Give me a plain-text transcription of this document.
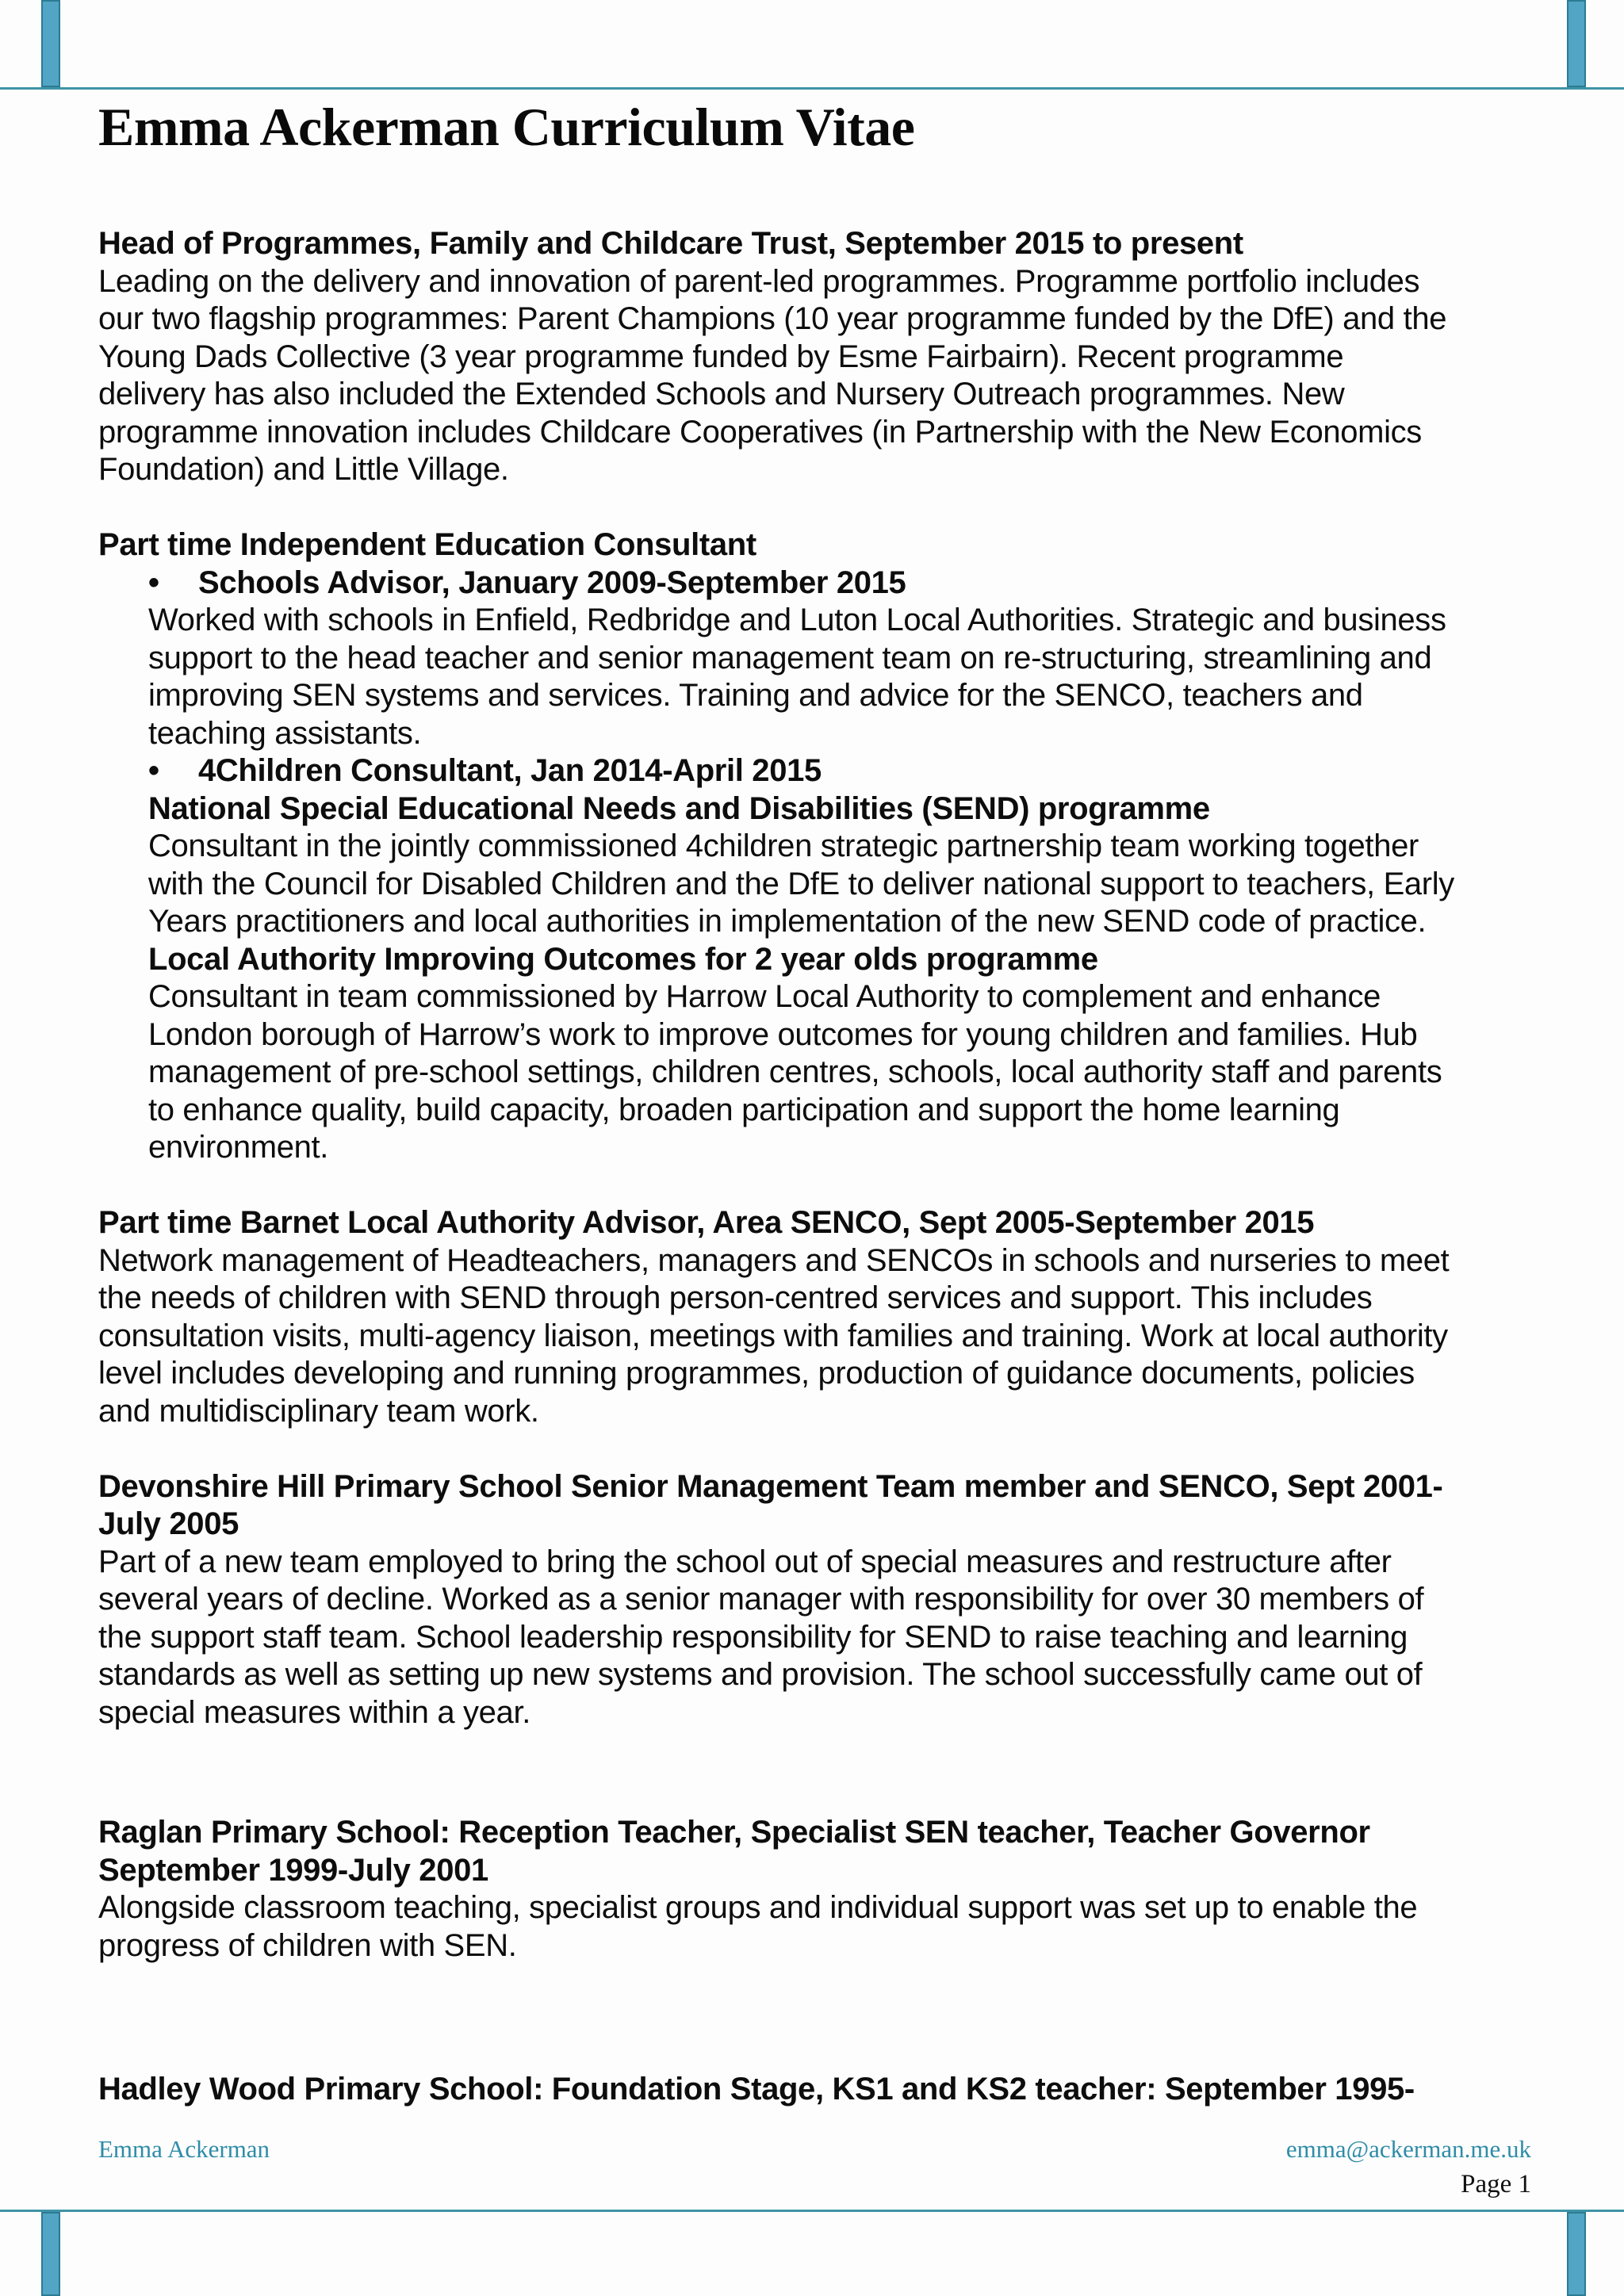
Emma Ackerman Curriculum Vitae
Head of Programmes, Family and Childcare Trust, September 2015 to present
Leading on the delivery and innovation of parent-led programmes. Programme portfolio includes
our two flagship programmes: Parent Champions (10 year programme funded by the DfE) and the
Young Dads Collective (3 year programme funded by Esme Fairbairn). Recent programme
delivery has also included the Extended Schools and Nursery Outreach programmes. New
programme innovation includes Childcare Cooperatives (in Partnership with the New Economics
Foundation) and Little Village.
Part time Independent Education Consultant
• Schools Advisor, January 2009-September 2015
Worked with schools in Enfield, Redbridge and Luton Local Authorities. Strategic and business
support to the head teacher and senior management team on re-structuring, streamlining and
improving SEN systems and services. Training and advice for the SENCO, teachers and
teaching assistants.
• 4Children Consultant, Jan 2014-April 2015
National Special Educational Needs and Disabilities (SEND) programme
Consultant in the jointly commissioned 4children strategic partnership team working together
with the Council for Disabled Children and the DfE to deliver national support to teachers, Early
Years practitioners and local authorities in implementation of the new SEND code of practice.
Local Authority Improving Outcomes for 2 year olds programme
Consultant in team commissioned by Harrow Local Authority to complement and enhance
London borough of Harrow’s work to improve outcomes for young children and families. Hub
management of pre-school settings, children centres, schools, local authority staff and parents
to enhance quality, build capacity, broaden participation and support the home learning
environment.
Part time Barnet Local Authority Advisor, Area SENCO, Sept 2005-September 2015
Network management of Headteachers, managers and SENCOs in schools and nurseries to meet
the needs of children with SEND through person-centred services and support. This includes
consultation visits, multi-agency liaison, meetings with families and training. Work at local authority
level includes developing and running programmes, production of guidance documents, policies
and multidisciplinary team work.
Devonshire Hill Primary School Senior Management Team member and SENCO, Sept 2001-
July 2005
Part of a new team employed to bring the school out of special measures and restructure after
several years of decline. Worked as a senior manager with responsibility for over 30 members of
the support staff team. School leadership responsibility for SEND to raise teaching and learning
standards as well as setting up new systems and provision. The school successfully came out of
special measures within a year.
Raglan Primary School: Reception Teacher, Specialist SEN teacher, Teacher Governor
September 1999-July 2001
Alongside classroom teaching, specialist groups and individual support was set up to enable the
progress of children with SEN.
Hadley Wood Primary School: Foundation Stage, KS1 and KS2 teacher: September 1995-
Emma Ackerman	emma@ackerman.me.uk
Page 1
